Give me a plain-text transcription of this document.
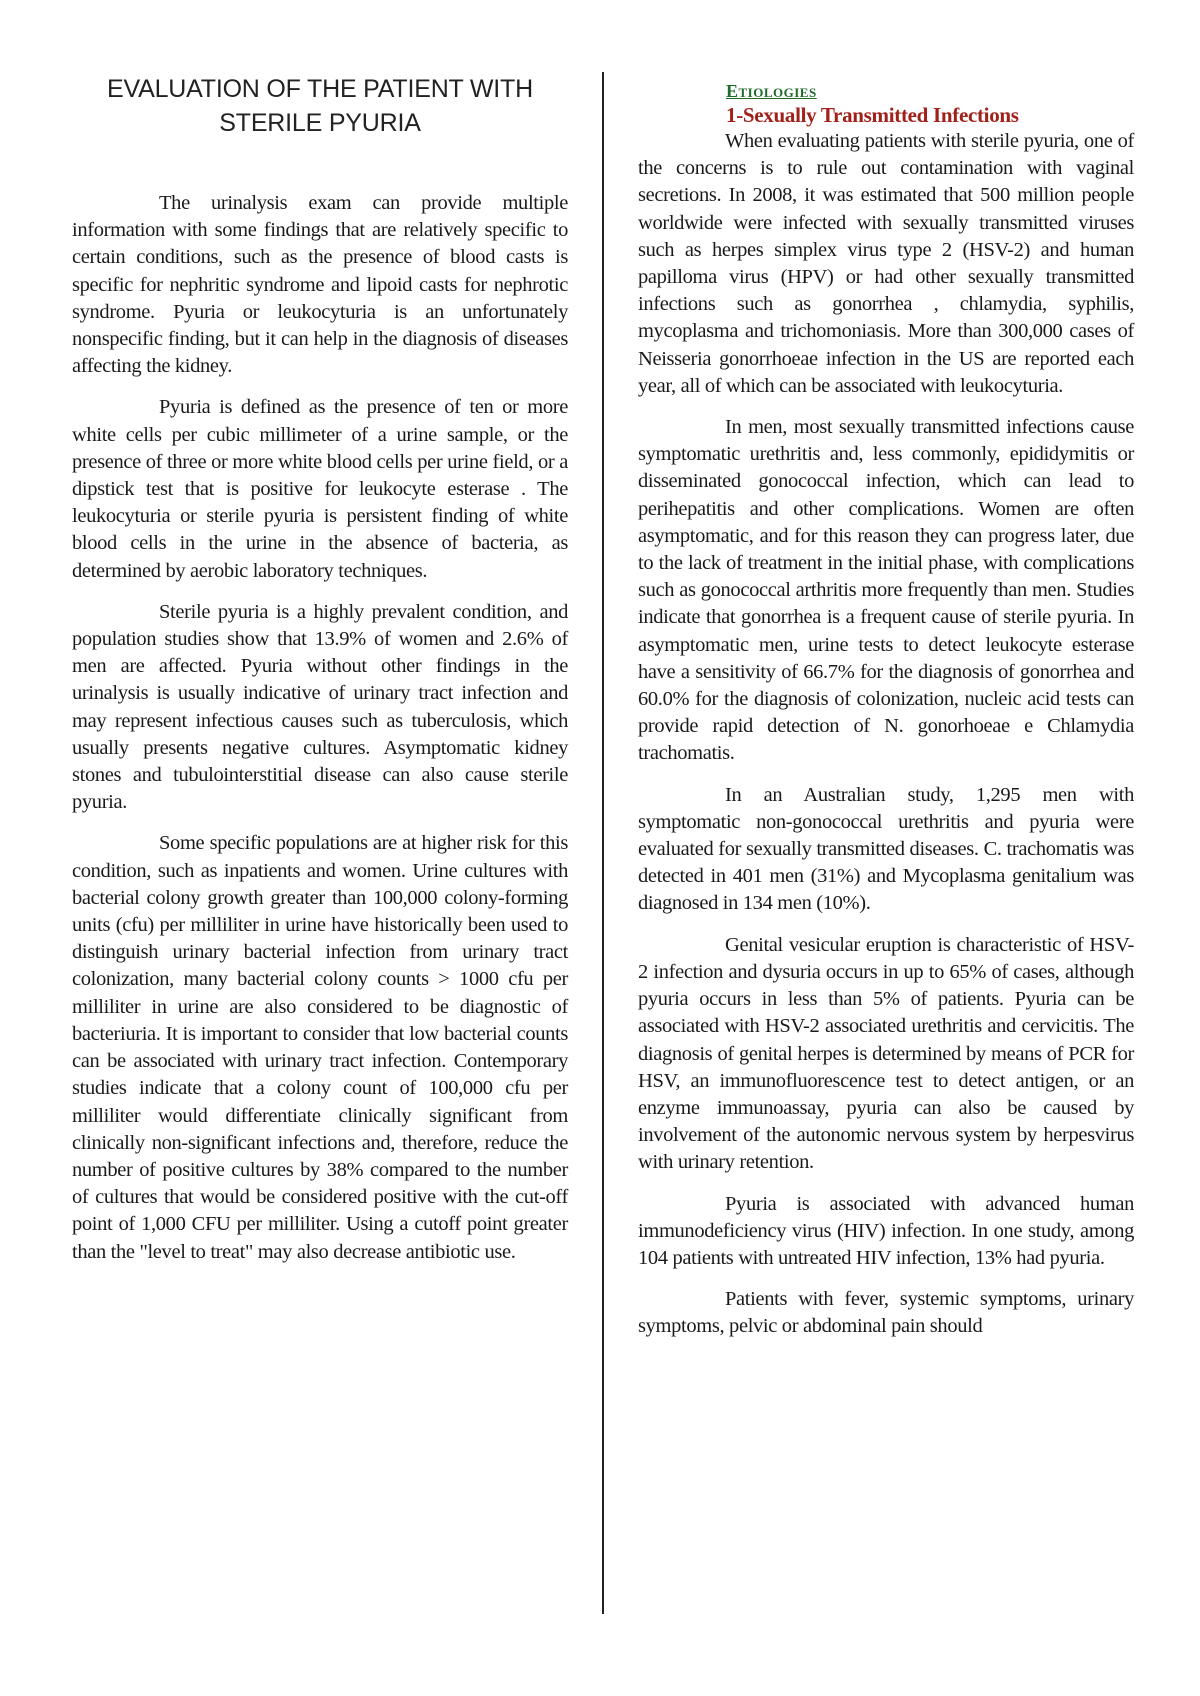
EVALUATION OF THE PATIENT WITH STERILE PYURIA

The urinalysis exam can provide multiple information with some findings that are relatively specific to certain conditions, such as the presence of blood casts is specific for nephritic syndrome and lipoid casts for nephrotic syndrome. Pyuria or leukocyturia is an unfortunately nonspecific finding, but it can help in the diagnosis of diseases affecting the kidney.

Pyuria is defined as the presence of ten or more white cells per cubic millimeter of a urine sample, or the presence of three or more white blood cells per urine field, or a dipstick test that is positive for leukocyte esterase . The leukocyturia or sterile pyuria is persistent finding of white blood cells in the urine in the absence of bacteria, as determined by aerobic laboratory techniques.

Sterile pyuria is a highly prevalent condition, and population studies show that 13.9% of women and 2.6% of men are affected. Pyuria without other findings in the urinalysis is usually indicative of urinary tract infection and may represent infectious causes such as tuberculosis, which usually presents negative cultures. Asymptomatic kidney stones and tubulointerstitial disease can also cause sterile pyuria.

Some specific populations are at higher risk for this condition, such as inpatients and women. Urine cultures with bacterial colony growth greater than 100,000 colony-forming units (cfu) per milliliter in urine have historically been used to distinguish urinary bacterial infection from urinary tract colonization, many bacterial colony counts > 1000 cfu per milliliter in urine are also considered to be diagnostic of bacteriuria. It is important to consider that low bacterial counts can be associated with urinary tract infection. Contemporary studies indicate that a colony count of 100,000 cfu per milliliter would differentiate clinically significant from clinically non-significant infections and, therefore, reduce the number of positive cultures by 38% compared to the number of cultures that would be considered positive with the cut-off point of 1,000 CFU per milliliter. Using a cutoff point greater than the "level to treat" may also decrease antibiotic use.

Etiologies
1-Sexually Transmitted Infections

When evaluating patients with sterile pyuria, one of the concerns is to rule out contamination with vaginal secretions. In 2008, it was estimated that 500 million people worldwide were infected with sexually transmitted viruses such as herpes simplex virus type 2 (HSV-2) and human papilloma virus (HPV) or had other sexually transmitted infections such as gonorrhea , chlamydia, syphilis, mycoplasma and trichomoniasis. More than 300,000 cases of Neisseria gonorrhoeae infection in the US are reported each year, all of which can be associated with leukocyturia.

In men, most sexually transmitted infections cause symptomatic urethritis and, less commonly, epididymitis or disseminated gonococcal infection, which can lead to perihepatitis and other complications. Women are often asymptomatic, and for this reason they can progress later, due to the lack of treatment in the initial phase, with complications such as gonococcal arthritis more frequently than men. Studies indicate that gonorrhea is a frequent cause of sterile pyuria. In asymptomatic men, urine tests to detect leukocyte esterase have a sensitivity of 66.7% for the diagnosis of gonorrhea and 60.0% for the diagnosis of colonization, nucleic acid tests can provide rapid detection of N. gonorhoeae e Chlamydia trachomatis.

In an Australian study, 1,295 men with symptomatic non-gonococcal urethritis and pyuria were evaluated for sexually transmitted diseases. C. trachomatis was detected in 401 men (31%) and Mycoplasma genitalium was diagnosed in 134 men (10%).

Genital vesicular eruption is characteristic of HSV-2 infection and dysuria occurs in up to 65% of cases, although pyuria occurs in less than 5% of patients. Pyuria can be associated with HSV-2 associated urethritis and cervicitis. The diagnosis of genital herpes is determined by means of PCR for HSV, an immunofluorescence test to detect antigen, or an enzyme immunoassay, pyuria can also be caused by involvement of the autonomic nervous system by herpesvirus with urinary retention.

Pyuria is associated with advanced human immunodeficiency virus (HIV) infection. In one study, among 104 patients with untreated HIV infection, 13% had pyuria.

Patients with fever, systemic symptoms, urinary symptoms, pelvic or abdominal pain should
